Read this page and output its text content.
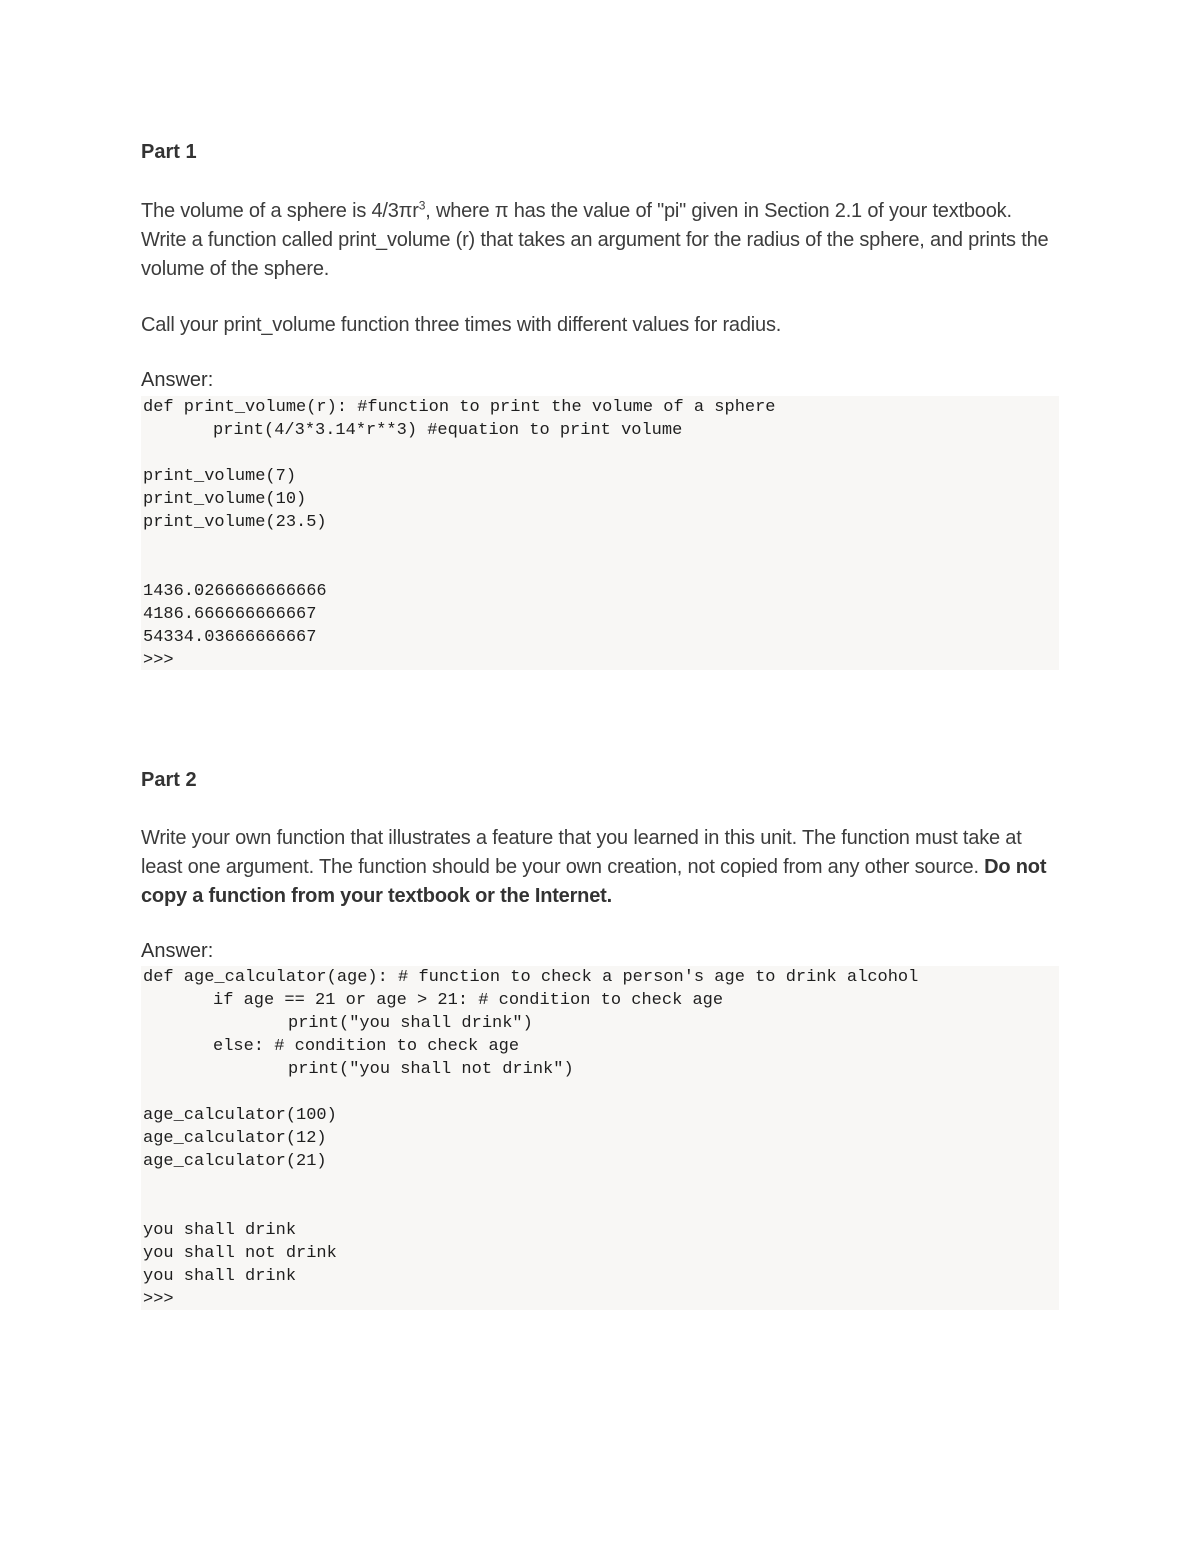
Part 1
The volume of a sphere is $4/3\pi r^3$, where π has the value of "pi" given in Section 2.1 of your textbook. Write a function called print_volume (r) that takes an argument for the radius of the sphere, and prints the volume of the sphere.
Call your print_volume function three times with different values for radius.
Answer:
def print_volume(r): #function to print the volume of a sphere
print(4/3*3.14*r**3) #equation to print volume
print_volume(7)
print_volume(10)
print_volume(23.5)
1436.0266666666666
4186.666666666667
54334.03666666667
>>>
Part 2
Write your own function that illustrates a feature that you learned in this unit. The function must take at least one argument. The function should be your own creation, not copied from any other source. Do not copy a function from your textbook or the Internet.
Answer:
def age_calculator(age): # function to check a person's age to drink alcohol
if age == 21 or age > 21: # condition to check age
print("you shall drink")
else: # condition to check age
print("you shall not drink")
age_calculator(100)
age_calculator(12)
age_calculator(21)
you shall drink
you shall not drink
you shall drink
>>>
